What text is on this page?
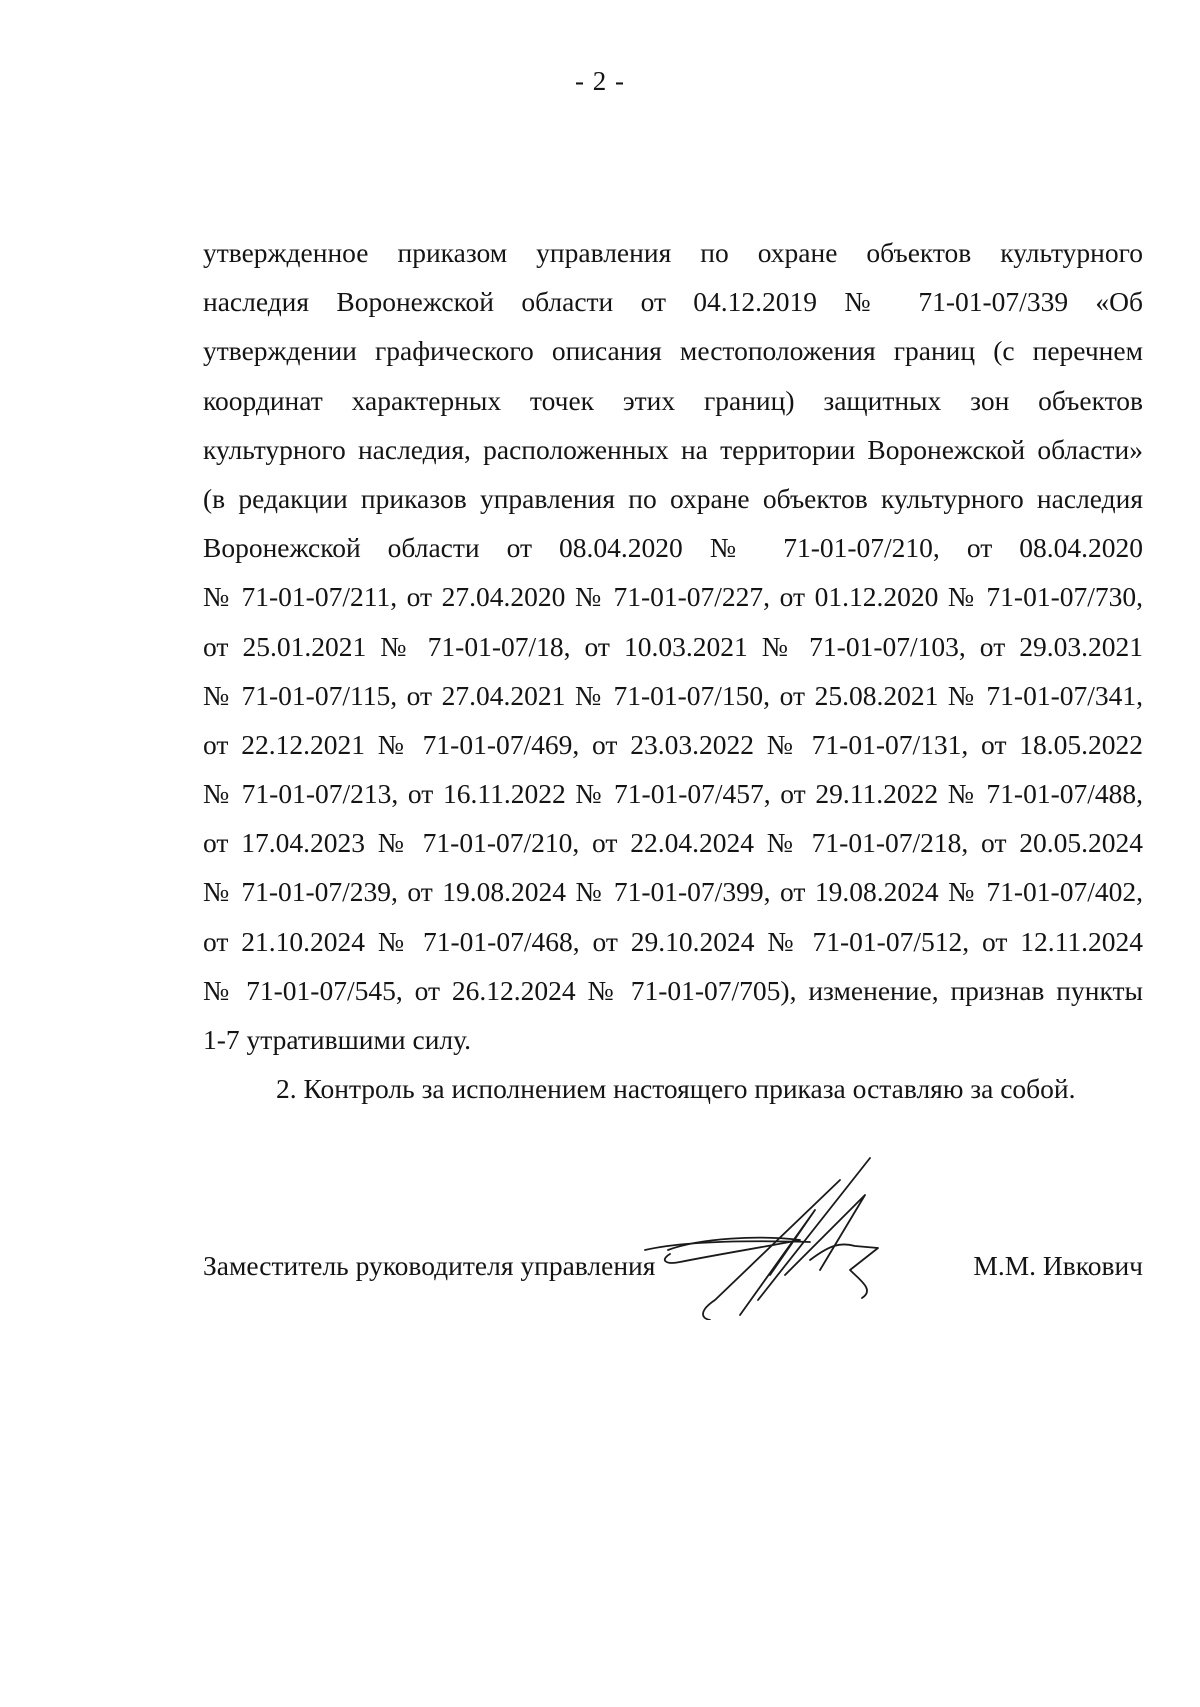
- 2 -
утвержденное приказом управления по охране объектов культурного
наследия Воронежской области от 04.12.2019 № 71-01-07/339 «Об
утверждении графического описания местоположения границ (с перечнем
координат характерных точек этих границ) защитных зон объектов
культурного наследия, расположенных на территории Воронежской области»
(в редакции приказов управления по охране объектов культурного наследия
Воронежской области от 08.04.2020 № 71-01-07/210, от 08.04.2020
№ 71-01-07/211, от 27.04.2020 № 71-01-07/227, от 01.12.2020 № 71-01-07/730,
от 25.01.2021 № 71-01-07/18, от 10.03.2021 № 71-01-07/103, от 29.03.2021
№ 71-01-07/115, от 27.04.2021 № 71-01-07/150, от 25.08.2021 № 71-01-07/341,
от 22.12.2021 № 71-01-07/469, от 23.03.2022 № 71-01-07/131, от 18.05.2022
№ 71-01-07/213, от 16.11.2022 № 71-01-07/457, от 29.11.2022 № 71-01-07/488,
от 17.04.2023 № 71-01-07/210, от 22.04.2024 № 71-01-07/218, от 20.05.2024
№ 71-01-07/239, от 19.08.2024 № 71-01-07/399, от 19.08.2024 № 71-01-07/402,
от 21.10.2024 № 71-01-07/468, от 29.10.2024 № 71-01-07/512, от 12.11.2024
№ 71-01-07/545, от 26.12.2024 № 71-01-07/705), изменение, признав пункты
1-7 утратившими силу.
2. Контроль за исполнением настоящего приказа оставляю за собой.
Заместитель руководителя управления	М.М. Ивкович
